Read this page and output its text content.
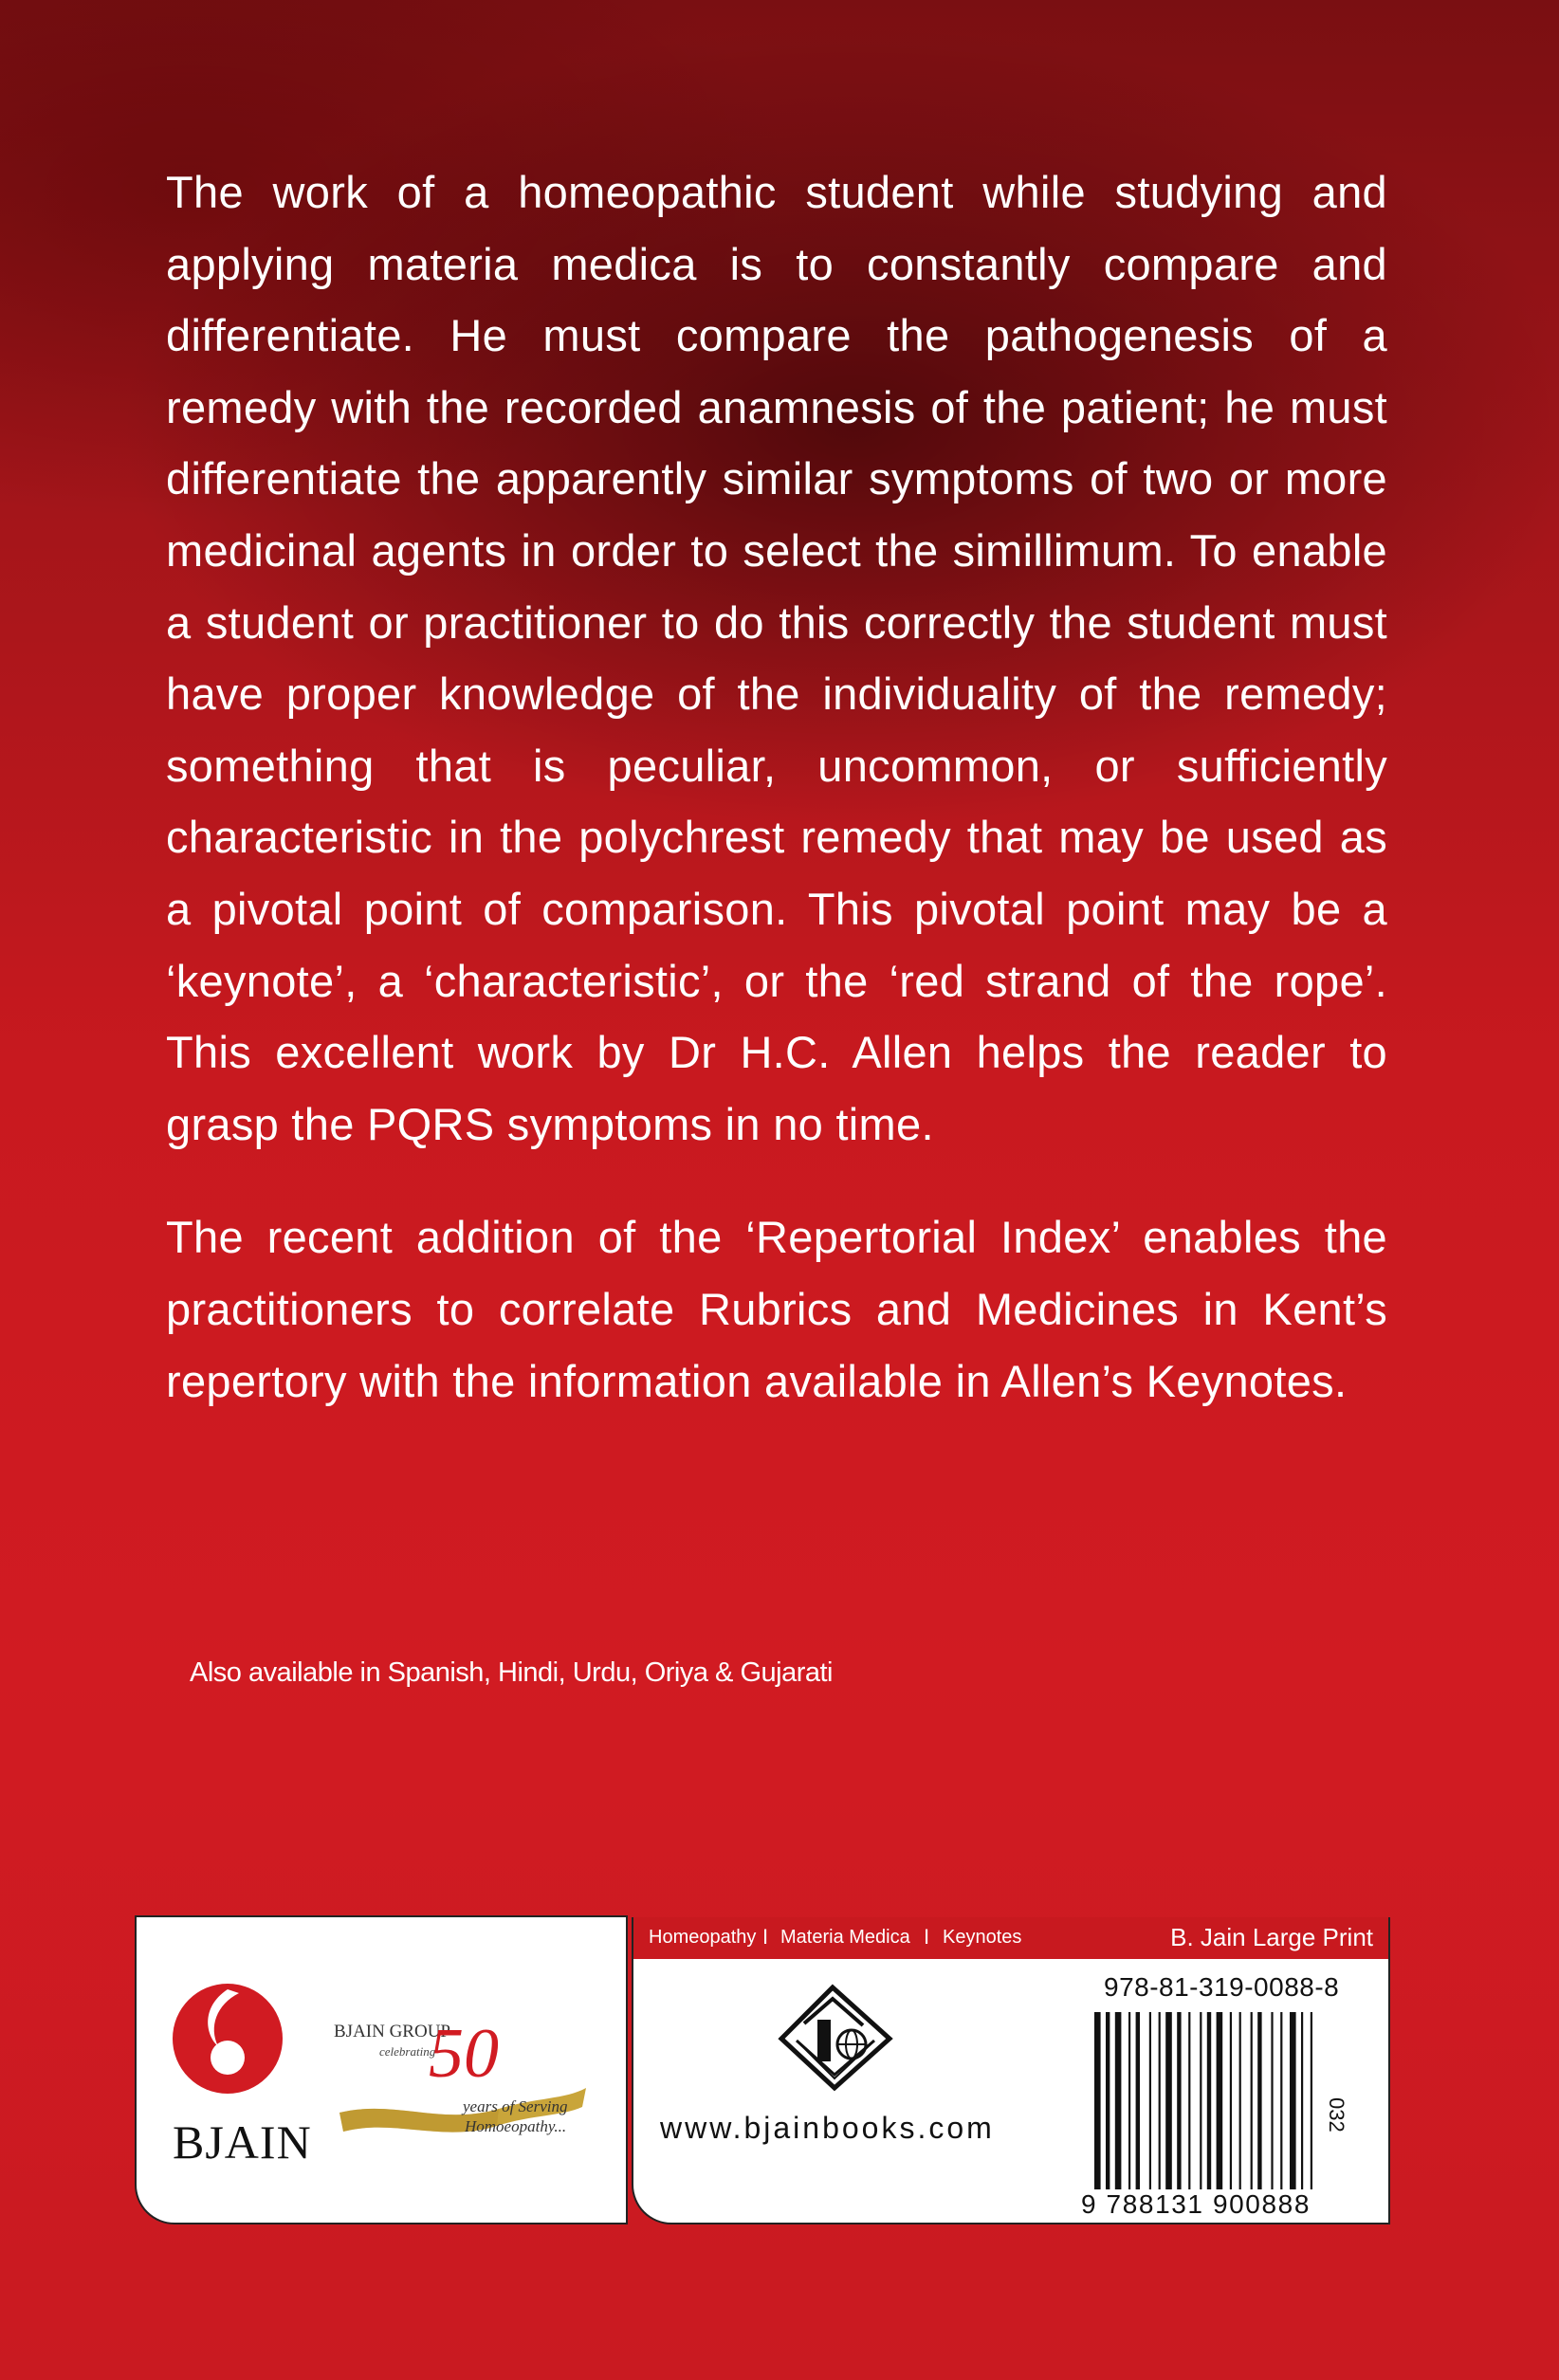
The work of a homeopathic student while studying and applying materia medica is to constantly compare and differentiate. He must compare the pathogenesis of a remedy with the recorded anamnesis of the patient; he must differentiate the apparently similar symptoms of two or more medicinal agents in order to select the simillimum. To enable a student or practitioner to do this correctly the student must have proper knowledge of the individuality of the remedy; something that is peculiar, uncommon, or sufficiently characteristic in the polychrest remedy that may be used as a pivotal point of comparison. This pivotal point may be a ‘keynote’, a ‘characteristic’, or the ‘red strand of the rope’. This excellent work by Dr H.C. Allen helps the reader to grasp the PQRS symptoms in no time.

The recent addition of the ‘Repertorial Index’ enables the practitioners to correlate Rubrics and Medicines in Kent’s repertory with the information available in Allen’s Keynotes.

Also available in Spanish, Hindi, Urdu, Oriya & Gujarati
BJAIN
BJAIN GROUP
celebrating
50
years of Serving
Homoeopathy...
Homeopathy I Materia Medica I Keynotes	B. Jain Large Print
www.bjainbooks.com
978-81-319-0088-8
9 788131 900888
032
